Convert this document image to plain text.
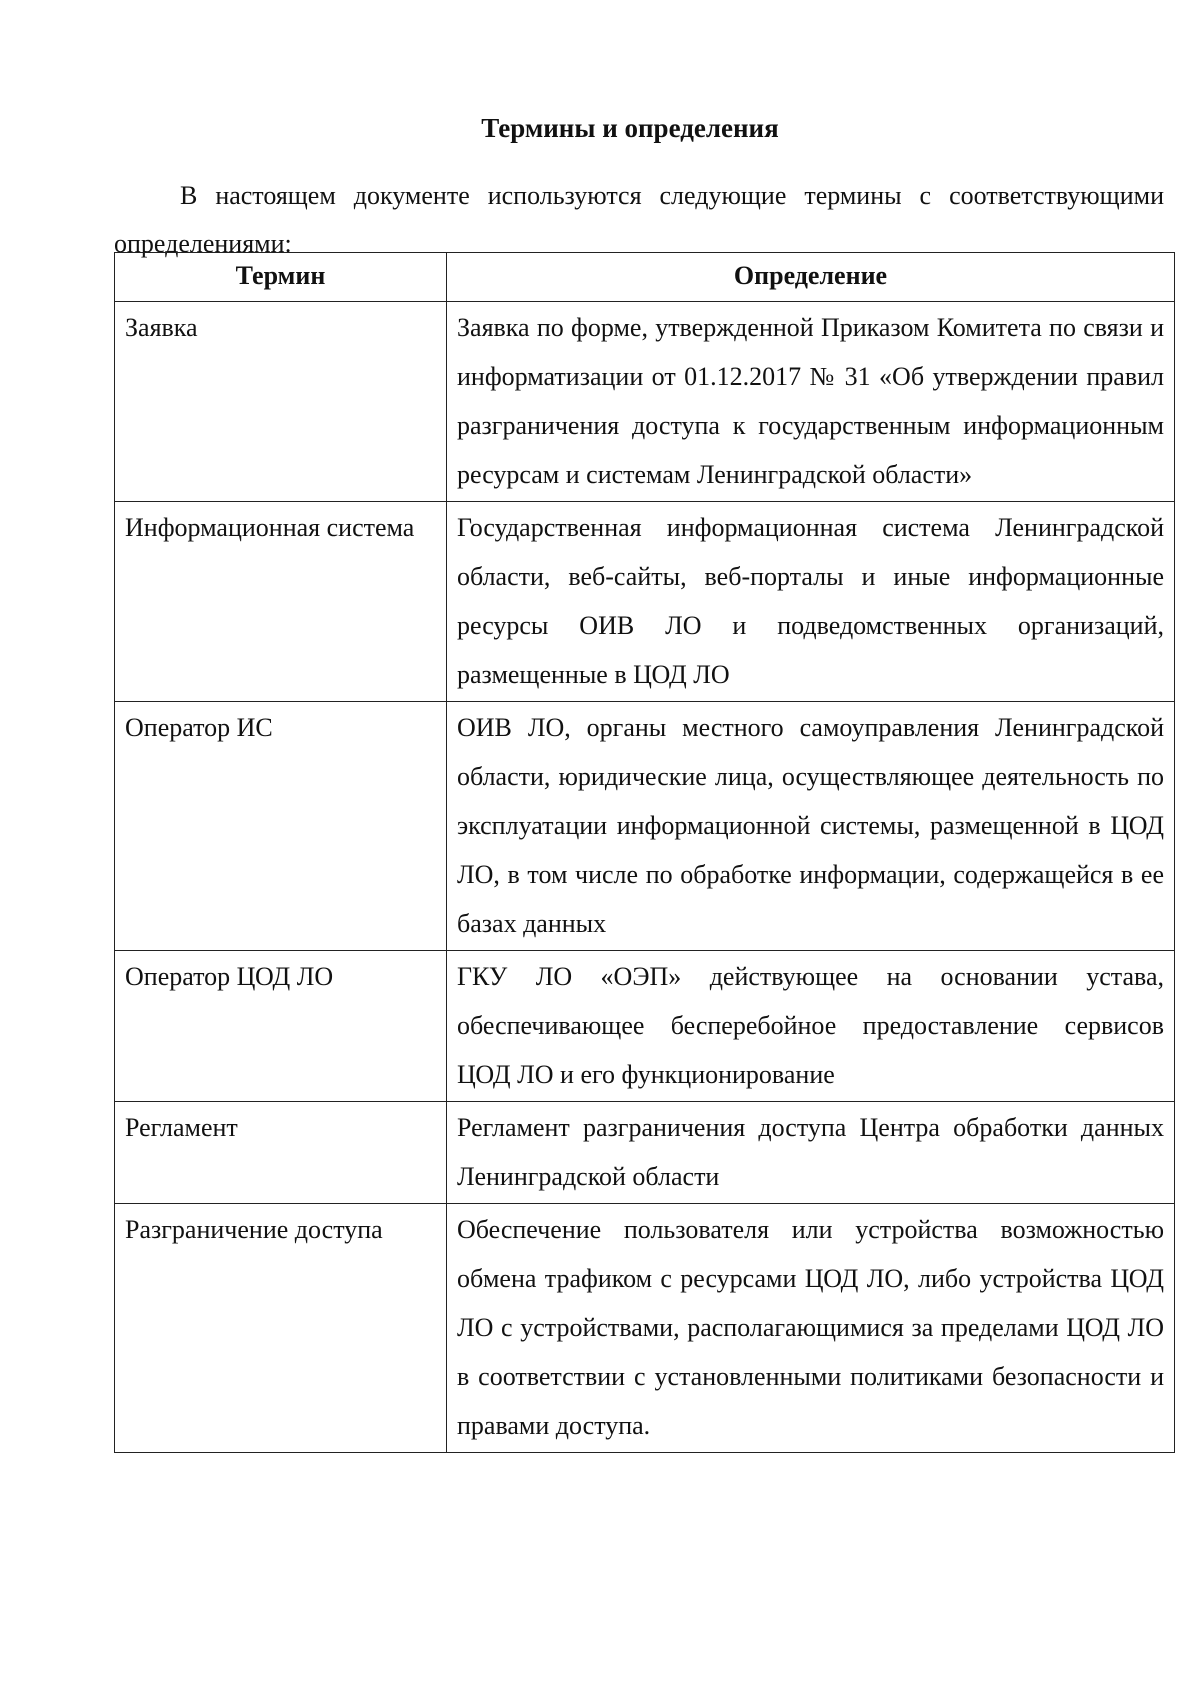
Термины и определения

В настоящем документе используются следующие термины с соответствующими определениями:

Термин	Определение
Заявка	Заявка по форме, утвержденной Приказом Комитета по связи и информатизации от 01.12.2017 № 31 «Об утверждении правил разграничения доступа к государственным информационным ресурсам и системам Ленинградской области»
Информационная система	Государственная информационная система Ленинградской области, веб-сайты, веб-порталы и иные информационные ресурсы ОИВ ЛО и подведомственных организаций, размещенные в ЦОД ЛО
Оператор ИС	ОИВ ЛО, органы местного самоуправления Ленинградской области, юридические лица, осуществляющее деятельность по эксплуатации информационной системы, размещенной в ЦОД ЛО, в том числе по обработке информации, содержащейся в ее базах данных
Оператор ЦОД ЛО	ГКУ ЛО «ОЭП» действующее на основании устава, обеспечивающее бесперебойное предоставление сервисов ЦОД ЛО и его функционирование
Регламент	Регламент разграничения доступа Центра обработки данных Ленинградской области
Разграничение доступа	Обеспечение пользователя или устройства возможностью обмена трафиком с ресурсами ЦОД ЛО, либо устройства ЦОД ЛО с устройствами, располагающимися за пределами ЦОД ЛО в соответствии с установленными политиками безопасности и правами доступа.
